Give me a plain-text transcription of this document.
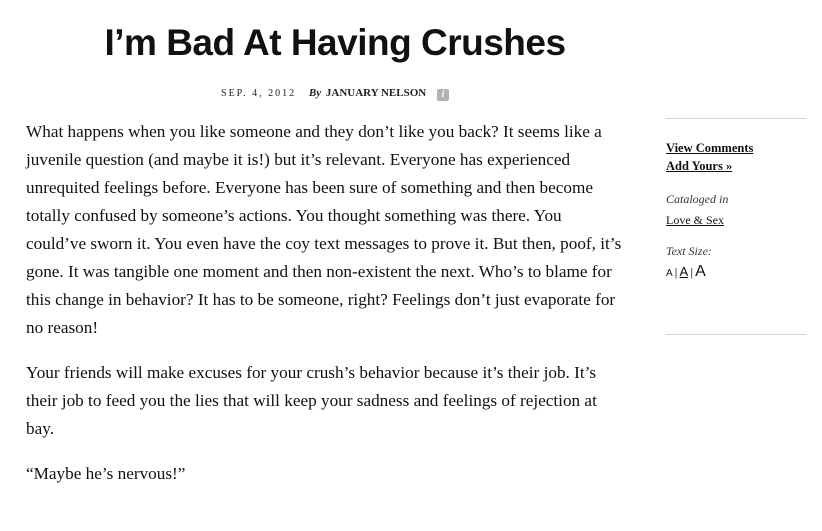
I’m Bad At Having Crushes
SEP. 4, 2012 By JANUARY NELSON i

What happens when you like someone and they don’t like you back? It seems like a juvenile question (and maybe it is!) but it’s relevant. Everyone has experienced unrequited feelings before. Everyone has been sure of something and then become totally confused by someone’s actions. You thought something was there. You could’ve sworn it. You even have the coy text messages to prove it. But then, poof, it’s gone. It was tangible one moment and then non-existent the next. Who’s to blame for this change in behavior? It has to be someone, right? Feelings don’t just evaporate for no reason!

Your friends will make excuses for your crush’s behavior because it’s their job. It’s their job to feed you the lies that will keep your sadness and feelings of rejection at bay.

“Maybe he’s nervous!”

View Comments
Add Yours »
Cataloged in
Love & Sex
Text Size:
A | A | A
